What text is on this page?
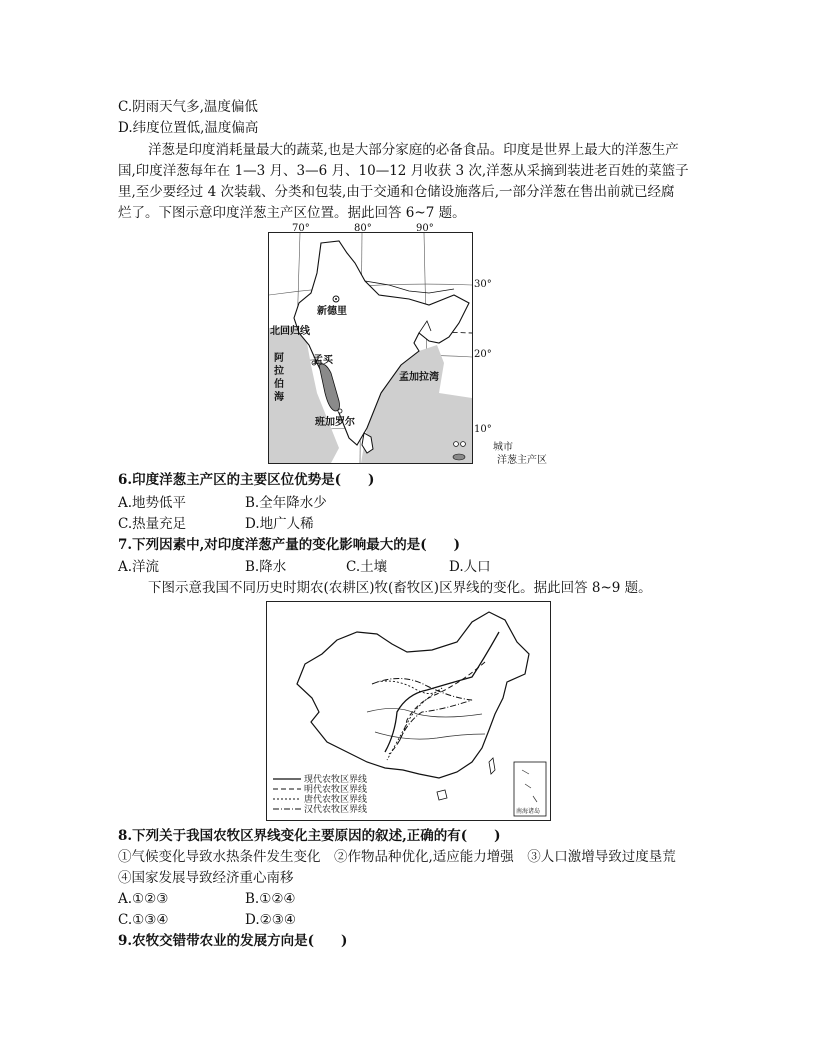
C.阴雨天气多,温度偏低
D.纬度位置低,温度偏高
洋葱是印度消耗量最大的蔬菜,也是大部分家庭的必备食品。印度是世界上最大的洋葱生产
国,印度洋葱每年在 1—3 月、3—6 月、10—12 月收获 3 次,洋葱从采摘到装进老百姓的菜篮子
里,至少要经过 4 次装载、分类和包装,由于交通和仓储设施落后,一部分洋葱在售出前就已经腐
烂了。下图示意印度洋葱主产区位置。据此回答 6~7 题。
70°	80°	90°
30°
20°
10°
新德里
北回归线
阿拉伯海
孟买
孟加拉湾
班加罗尔
城市
洋葱主产区
6.印度洋葱主产区的主要区位优势是(　　)
A.地势低平	B.全年降水少
C.热量充足	D.地广人稀
7.下列因素中,对印度洋葱产量的变化影响最大的是(　　)
A.洋流	B.降水	C.土壤	D.人口
下图示意我国不同历史时期农(农耕区)牧(畜牧区)区界线的变化。据此回答 8~9 题。
现代农牧区界线
明代农牧区界线
唐代农牧区界线
汉代农牧区界线	南海诸岛
8.下列关于我国农牧区界线变化主要原因的叙述,正确的有(　　)
①气候变化导致水热条件发生变化　②作物品种优化,适应能力增强　③人口激增导致过度垦荒
④国家发展导致经济重心南移
A.①②③	B.①②④
C.①③④	D.②③④
9.农牧交错带农业的发展方向是(　　)
